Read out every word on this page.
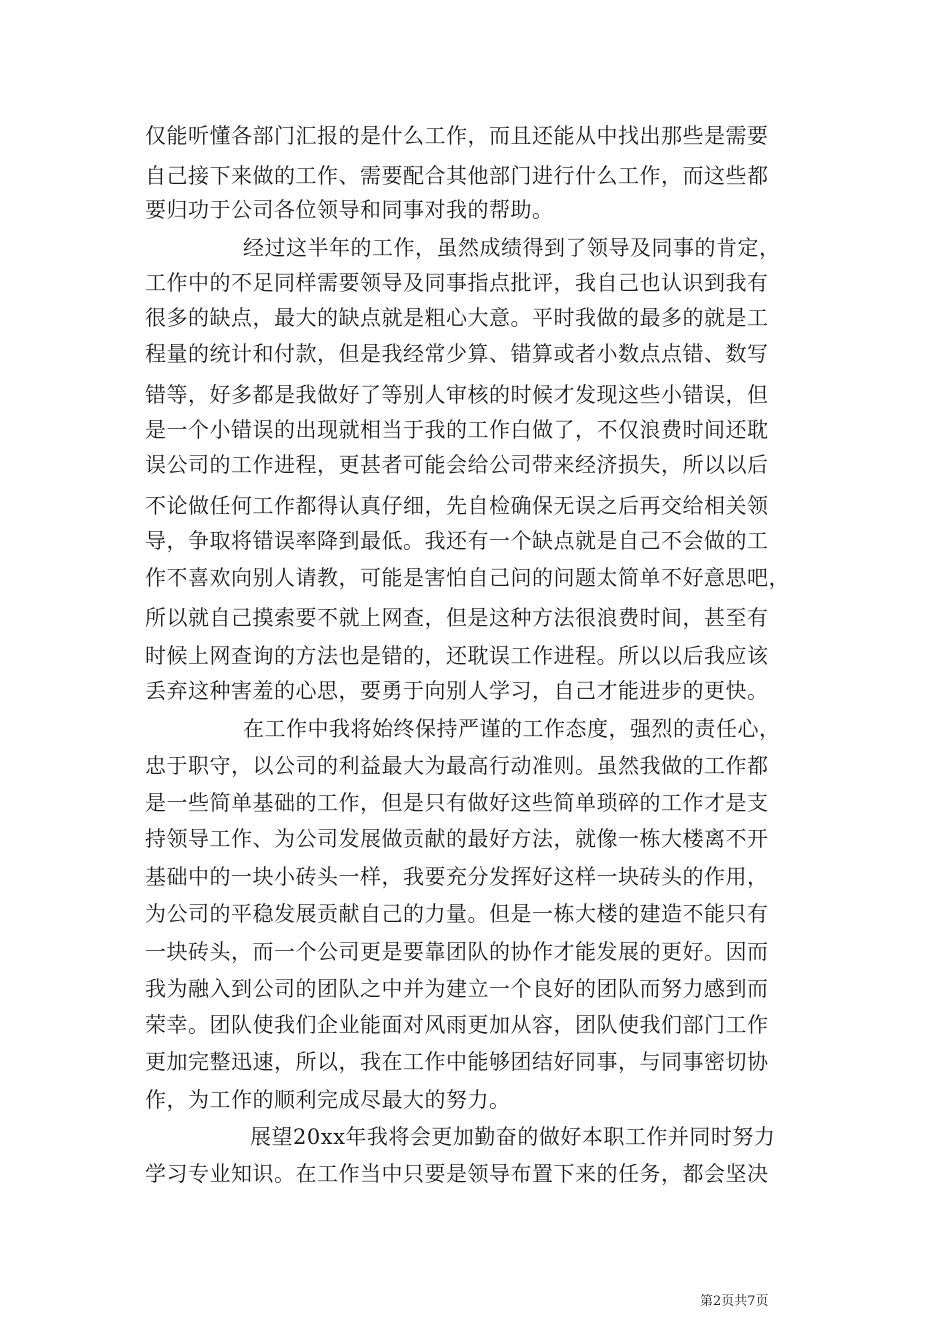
仅能听懂各部门汇报的是什么工作，而且还能从中找出那些是需要
自己接下来做的工作、需要配合其他部门进行什么工作，而这些都
要归功于公司各位领导和同事对我的帮助。
经过这半年的工作，虽然成绩得到了领导及同事的肯定，
工作中的不足同样需要领导及同事指点批评，我自己也认识到我有
很多的缺点，最大的缺点就是粗心大意。平时我做的最多的就是工
程量的统计和付款，但是我经常少算、错算或者小数点点错、数写
错等，好多都是我做好了等别人审核的时候才发现这些小错误，但
是一个小错误的出现就相当于我的工作白做了，不仅浪费时间还耽
误公司的工作进程，更甚者可能会给公司带来经济损失，所以以后
不论做任何工作都得认真仔细，先自检确保无误之后再交给相关领
导，争取将错误率降到最低。我还有一个缺点就是自己不会做的工
作不喜欢向别人请教，可能是害怕自己问的问题太简单不好意思吧，
所以就自己摸索要不就上网查，但是这种方法很浪费时间，甚至有
时候上网查询的方法也是错的，还耽误工作进程。所以以后我应该
丢弃这种害羞的心思，要勇于向别人学习，自己才能进步的更快。
在工作中我将始终保持严谨的工作态度，强烈的责任心，
忠于职守，以公司的利益最大为最高行动准则。虽然我做的工作都
是一些简单基础的工作，但是只有做好这些简单琐碎的工作才是支
持领导工作、为公司发展做贡献的最好方法，就像一栋大楼离不开
基础中的一块小砖头一样，我要充分发挥好这样一块砖头的作用，
为公司的平稳发展贡献自己的力量。但是一栋大楼的建造不能只有
一块砖头，而一个公司更是要靠团队的协作才能发展的更好。因而
我为融入到公司的团队之中并为建立一个良好的团队而努力感到而
荣幸。团队使我们企业能面对风雨更加从容，团队使我们部门工作
更加完整迅速，所以，我在工作中能够团结好同事，与同事密切协
作，为工作的顺利完成尽最大的努力。
展望20xx年我将会更加勤奋的做好本职工作并同时努力
学习专业知识。在工作当中只要是领导布置下来的任务，都会坚决
第2页共7页
